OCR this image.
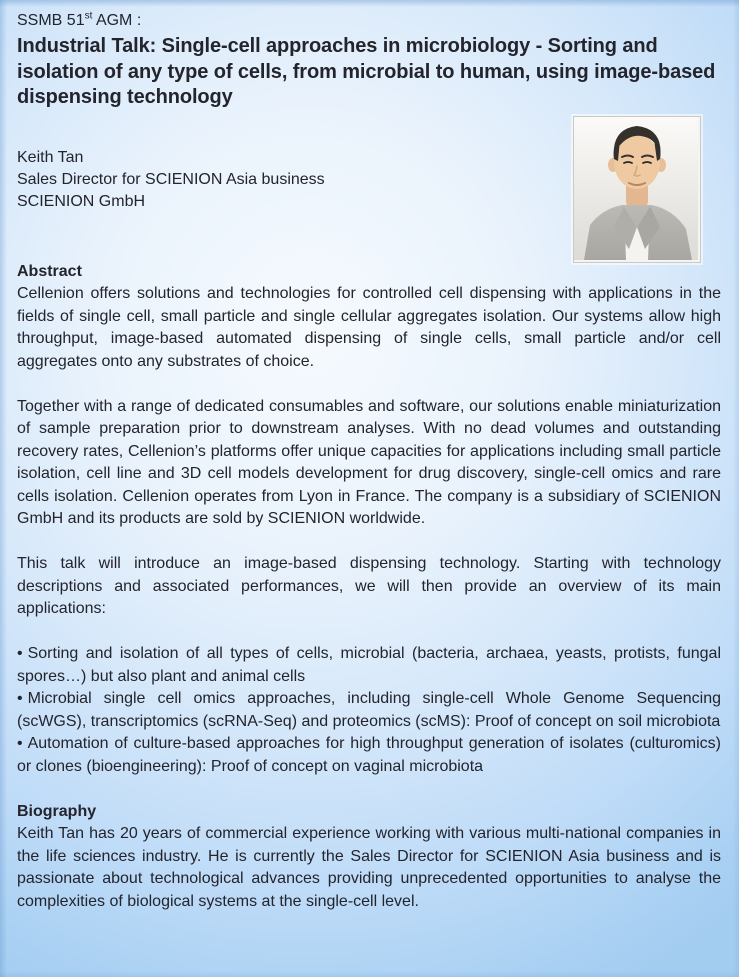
SSMB 51st AGM :
Industrial Talk: Single-cell approaches in microbiology - Sorting and isolation of any type of cells, from microbial to human, using image-based dispensing technology
Keith Tan
Sales Director for SCIENION Asia business
SCIENION GmbH
Abstract

Cellenion offers solutions and technologies for controlled cell dispensing with applications in the fields of single cell, small particle and single cellular aggregates isolation. Our systems allow high throughput, image-based automated dispensing of single cells, small particle and/or cell aggregates onto any substrates of choice.

Together with a range of dedicated consumables and software, our solutions enable miniaturization of sample preparation prior to downstream analyses. With no dead volumes and outstanding recovery rates, Cellenion’s platforms offer unique capacities for applications including small particle isolation, cell line and 3D cell models development for drug discovery, single-cell omics and rare cells isolation. Cellenion operates from Lyon in France. The company is a subsidiary of SCIENION GmbH and its products are sold by SCIENION worldwide.

This talk will introduce an image-based dispensing technology. Starting with technology descriptions and associated performances, we will then provide an overview of its main applications:

• Sorting and isolation of all types of cells, microbial (bacteria, archaea, yeasts, protists, fungal spores…) but also plant and animal cells
• Microbial single cell omics approaches, including single-cell Whole Genome Sequencing (scWGS), transcriptomics (scRNA-Seq) and proteomics (scMS): Proof of concept on soil microbiota
• Automation of culture-based approaches for high throughput generation of isolates (culturomics) or clones (bioengineering): Proof of concept on vaginal microbiota
Biography

Keith Tan has 20 years of commercial experience working with various multi-national companies in the life sciences industry. He is currently the Sales Director for SCIENION Asia business and is passionate about technological advances providing unprecedented opportunities to analyse the complexities of biological systems at the single-cell level.
